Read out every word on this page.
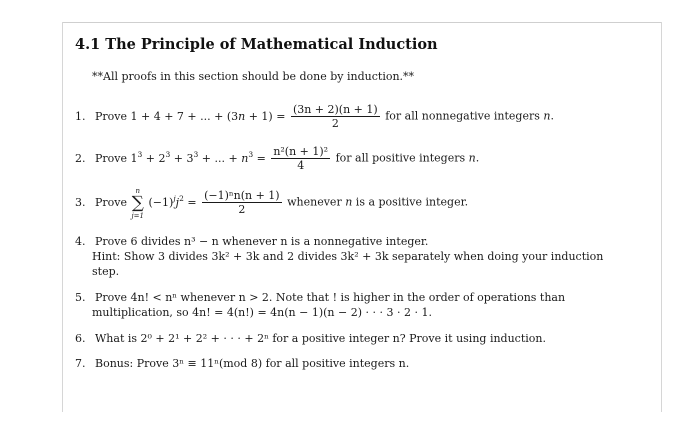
4.1 The Principle of Mathematical Induction
**All proofs in this section should be done by induction.**
1. Prove 1 + 4 + 7 + ... + $(3n + 1) = \frac{(3n + 2)(n + 1)}{2}$ for all nonnegative integers n.
2. Prove $1^3 + 2^3 + 3^3$ + ... + $n^3 = \frac{\text{n²(n + 1)²}}{4}$ for all positive integers n.
3. Prove
n
∑
j=1
$(-1)^jj^2 = \frac{\text{(−1)ⁿn(n + 1)}}{2}$ whenever n is a positive integer.
4. Prove 6 divides n³ − n whenever n is a nonnegative integer.
Hint: Show 3 divides 3k² + 3k and 2 divides 3k² + 3k separately when doing your induction
step.
5. Prove 4n! < nⁿ whenever n > 2. Note that ! is higher in the order of operations than
multiplication, so 4n! = 4(n!) = 4n(n − 1)(n − 2) · · · 3 · 2 · 1.
6. What is 2⁰ + 2¹ + 2² + · · · + 2ⁿ for a positive integer n? Prove it using induction.
7. Bonus: Prove 3ⁿ ≡ 11ⁿ(mod 8) for all positive integers n.
